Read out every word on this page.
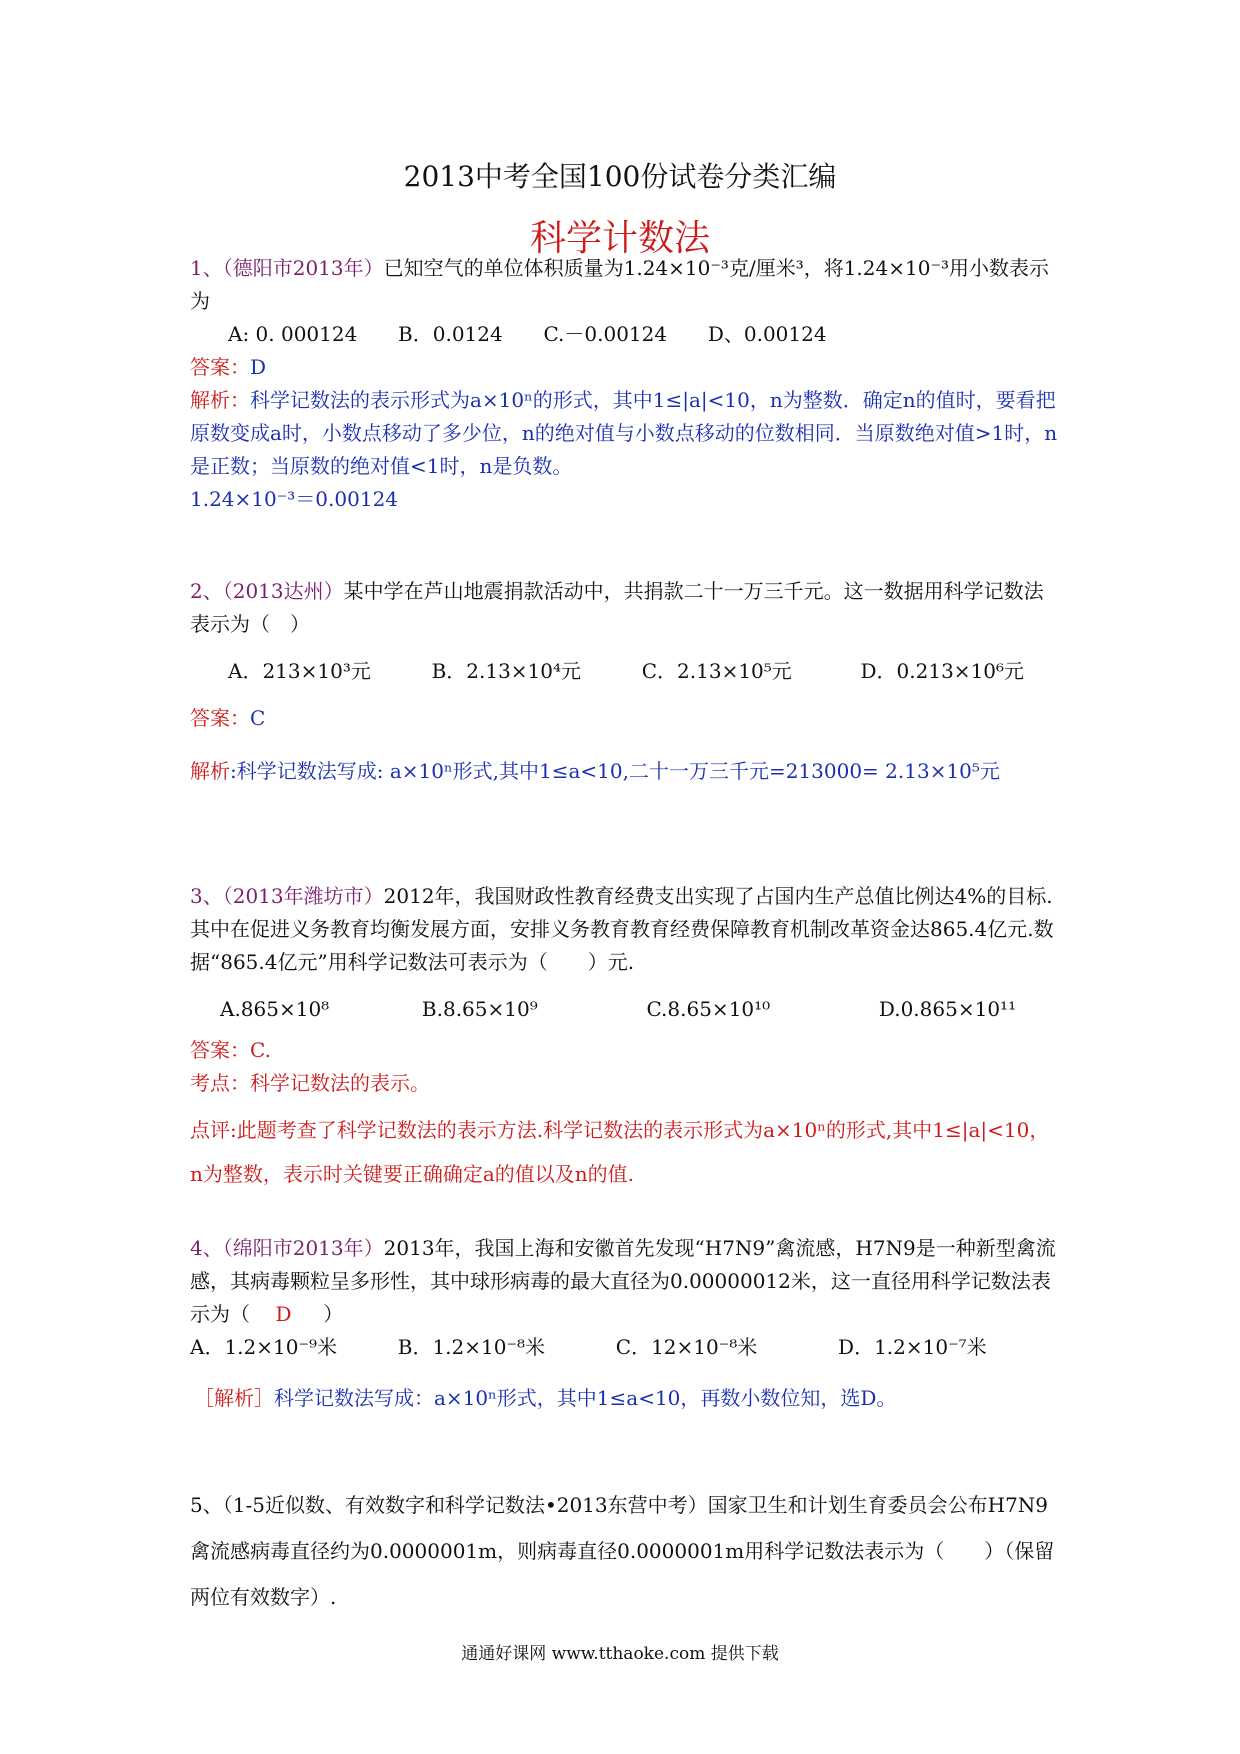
2013中考全国100份试卷分类汇编
科学计数法

1、（德阳市2013年）已知空气的单位体积质量为1.24×10⁻³克/厘米³，将1.24×10⁻³用小数表示为

A: 0. 000124 B．0.0124 C.－0.00124 D、0.00124

答案：D

解析：科学记数法的表示形式为a×10ⁿ的形式，其中1≤|a|<10，n为整数．确定n的值时，要看把原数变成a时，小数点移动了多少位，n的绝对值与小数点移动的位数相同．当原数绝对值>1时，n是正数；当原数的绝对值<1时，n是负数。

1.24×10⁻³＝0.00124

2、（2013达州）某中学在芦山地震捐款活动中，共捐款二十一万三千元。这一数据用科学记数法表示为（　）

A．213×10³元	B．2.13×10⁴元	C．2.13×10⁵元	D．0.213×10⁶元

答案：C

解析:科学记数法写成: a×10ⁿ形式,其中1≤a<10,二十一万三千元=213000= 2.13×10⁵元

3、（2013年潍坊市）2012年，我国财政性教育经费支出实现了占国内生产总值比例达4%的目标.其中在促进义务教育均衡发展方面，安排义务教育教育经费保障教育机制改革资金达865.4亿元.数据“865.4亿元”用科学记数法可表示为（　　）元.

A.865×10⁸	B.8.65×10⁹	C.8.65×10¹⁰	D.0.865×10¹¹

答案：C.

考点：科学记数法的表示。

点评:此题考查了科学记数法的表示方法.科学记数法的表示形式为a×10ⁿ的形式,其中1≤|a|<10，n为整数，表示时关键要正确确定a的值以及n的值.

4、（绵阳市2013年）2013年，我国上海和安徽首先发现“H7N9”禽流感，H7N9是一种新型禽流感，其病毒颗粒呈多形性，其中球形病毒的最大直径为0.00000012米，这一直径用科学记数法表示为（ D ）

A．1.2×10⁻⁹米	B．1.2×10⁻⁸米	C．12×10⁻⁸米	D．1.2×10⁻⁷米

［解析］科学记数法写成：a×10ⁿ形式，其中1≤a<10，再数小数位知，选D。

5、（1-5近似数、有效数字和科学记数法•2013东营中考）国家卫生和计划生育委员会公布H7N9禽流感病毒直径约为0.0000001m，则病毒直径0.0000001m用科学记数法表示为（　　）（保留两位有效数字）.

通通好课网 www.tthaoke.com 提供下载
